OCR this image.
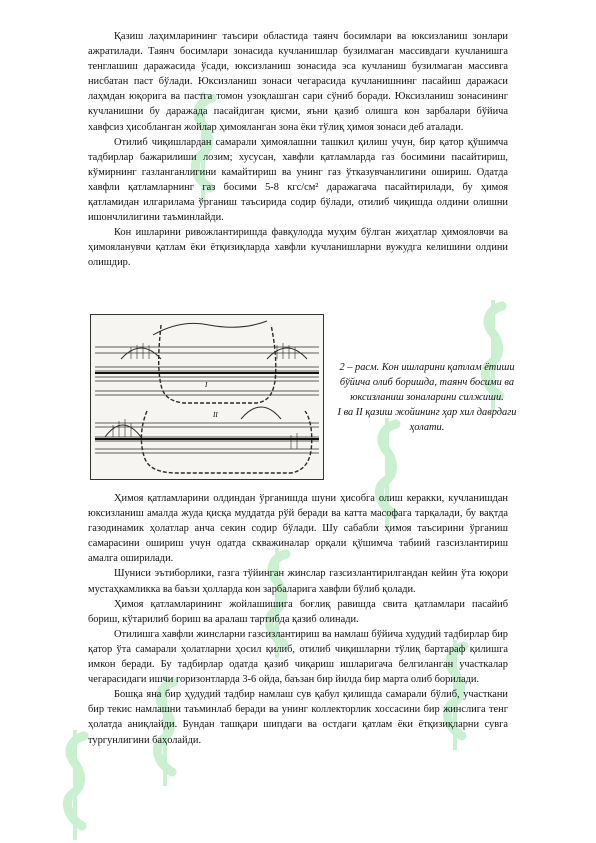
Қазиш лаҳимларининг таъсири областида таянч босимлари ва юксизланиш зонлари ажратилади. Таянч босимлари зонасида кучланишлар бузилмаган массивдаги кучланишга тенглашиш даражасида ўсади, юксизланиш зонасида эса кучланиш бузилмаган массивга нисбатан паст бўлади. Юксизланиш зонаси чегарасида кучланишнинг пасайиш даражаси лаҳмдан юқорига ва пастга томон узоқлашган сари сўниб боради. Юксизланиш зонасининг кучланишни бу даражада пасайдиган қисми, яъни қазиб олишга кон зарбалари бўйича хавфсиз ҳисобланган жойлар ҳимояланган зона ёки тўлиқ ҳимоя зонаси деб аталади.

Отилиб чиқишлардан самарали ҳимоялашни ташкил қилиш учун, бир қатор қўшимча тадбирлар бажарилиши лозим; хусусан, хавфли қатламларда газ босимини пасайтириш, кўмирнинг газланганлигини камайтириш ва унинг газ ўтказувчанлигини ошириш. Одатда хавфли қатламларнинг газ босими 5-8 кгс/см² даражагача пасайтирилади, бу ҳимоя қатламидан илгарилама ўрганиш таъсирида содир бўлади, отилиб чиқишда олдини олишни ишончлилигини таъминлайди.

Кон ишларини ривожлантиришда фавқулодда муҳим бўлган жиҳатлар ҳимояловчи ва ҳимояланувчи қатлам ёки ётқизиқларда хавфли кучланишларни вужудга келишини олдини олишдир.

I
II
2 – расм. Кон ишларини қатлам ётиши
бўйича олиб боришда, таянч босими ва
юксизланиш зоналарини силжиши.
I ва II қазиш жойининг ҳар хил даврдаги
ҳолати.

Ҳимоя қатламларини олдиндан ўрганишда шуни ҳисобга олиш керакки, кучланишдан юксизланиш амалда жуда қисқа муддатда рўй беради ва катта масофага тарқалади, бу вақтда газодинамик ҳолатлар анча секин содир бўлади. Шу сабабли ҳимоя таъсирини ўрганиш самарасини ошириш учун одатда скважиналар орқали қўшимча табиий газсизлантириш амалга оширилади.

Шуниси эътиборлики, газга тўйинган жинслар газсизлантирилгандан кейин ўта юқори мустаҳкамликка ва баъзи ҳолларда кон зарбаларига хавфли бўлиб қолади.

Ҳимоя қатламларининг жойлашишига боғлиқ равишда свита қатламлари пасайиб бориш, кўтарилиб бориш ва аралаш тартибда қазиб олинади.

Отилишга хавфли жинсларни газсизлантириш ва намлаш бўйича худудий тадбирлар бир қатор ўта самарали ҳолатларни ҳосил қилиб, отилиб чиқишларни тўлиқ бартараф қилишга имкон беради. Бу тадбирлар одатда қазиб чиқариш ишларигача белгиланган участкалар чегарасидаги ишчи горизонтларда 3-6 ойда, баъзан бир йилда бир марта олиб борилади.

Бошқа яна бир ҳудудий тадбир намлаш сув қабул қилишда самарали бўлиб, участкани бир текис намлашни таъминлаб беради ва унинг коллекторлик хоссасини бир жинслига тенг ҳолатда аниқлайди. Бундан ташқари шипдаги ва остдаги қатлам ёки ётқизиқларни сувга тургунлигини баҳолайди.
